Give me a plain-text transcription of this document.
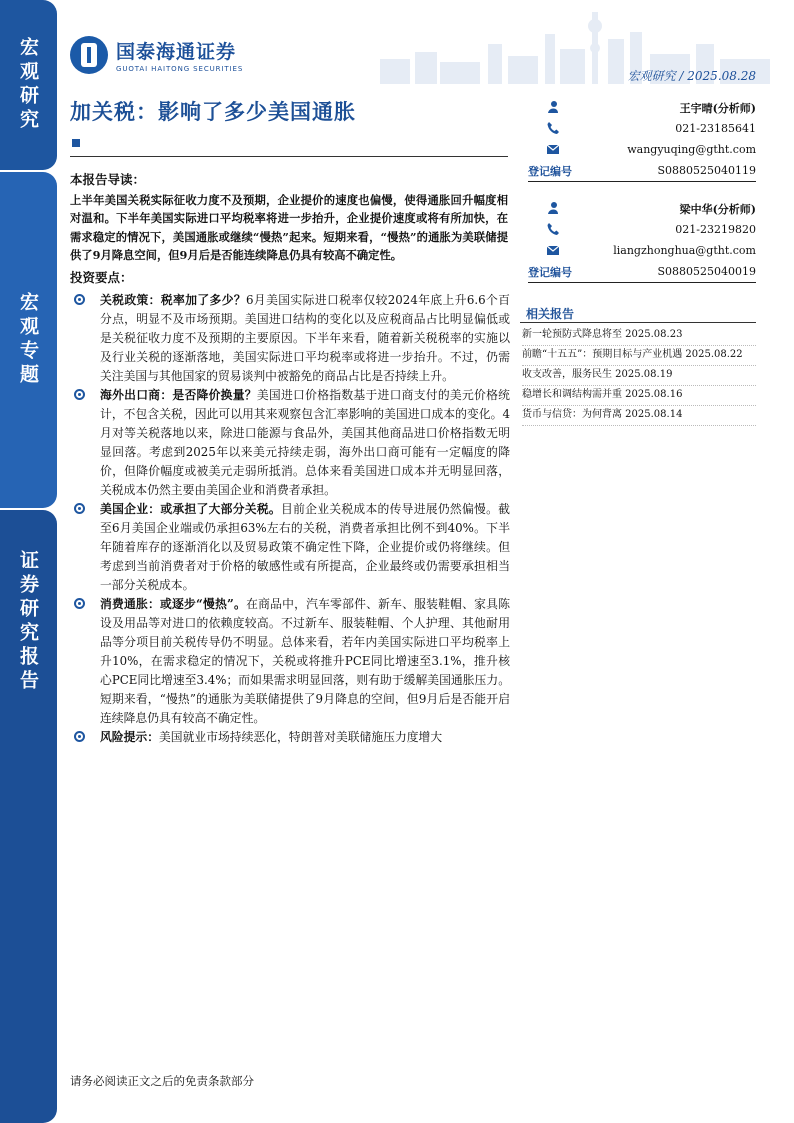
宏观研究
宏观专题
证券研究报告
国泰海通证券
GUOTAI HAITONG SECURITIES	宏观研究 / 2025.08.28
加关税：影响了多少美国通胀
本报告导读：
上半年美国关税实际征收力度不及预期，企业提价的速度也偏慢，使得通胀回升幅度相对温和。下半年美国实际进口平均税率将进一步抬升，企业提价速度或将有所加快，在需求稳定的情况下，美国通胀或继续“慢热”起来。短期来看，“慢热”的通胀为美联储提供了9月降息空间，但9月后是否能连续降息仍具有较高不确定性。
投资要点：
关税政策：税率加了多少？6月美国实际进口税率仅较2024年底上升6.6个百分点，明显不及市场预期。美国进口结构的变化以及应税商品占比明显偏低或是关税征收力度不及预期的主要原因。下半年来看，随着新关税税率的实施以及行业关税的逐渐落地，美国实际进口平均税率或将进一步抬升。不过，仍需关注美国与其他国家的贸易谈判中被豁免的商品占比是否持续上升。
海外出口商：是否降价换量？美国进口价格指数基于进口商支付的美元价格统计，不包含关税，因此可以用其来观察包含汇率影响的美国进口成本的变化。4月对等关税落地以来，除进口能源与食品外，美国其他商品进口价格指数无明显回落。考虑到2025年以来美元持续走弱，海外出口商可能有一定幅度的降价，但降价幅度或被美元走弱所抵消。总体来看美国进口成本并无明显回落，关税成本仍然主要由美国企业和消费者承担。
美国企业：或承担了大部分关税。目前企业关税成本的传导进展仍然偏慢。截至6月美国企业端或仍承担63%左右的关税，消费者承担比例不到40%。下半年随着库存的逐渐消化以及贸易政策不确定性下降，企业提价或仍将继续。但考虑到当前消费者对于价格的敏感性或有所提高，企业最终或仍需要承担相当一部分关税成本。
消费通胀：或逐步“慢热”。在商品中，汽车零部件、新车、服装鞋帽、家具陈设及用品等对进口的依赖度较高。不过新车、服装鞋帽、个人护理、其他耐用品等分项目前关税传导仍不明显。总体来看，若年内美国实际进口平均税率上升10%，在需求稳定的情况下，关税或将推升PCE同比增速至3.1%，推升核心PCE同比增速至3.4%；而如果需求明显回落，则有助于缓解美国通胀压力。短期来看，“慢热”的通胀为美联储提供了9月降息的空间，但9月后是否能开启连续降息仍具有较高不确定性。
风险提示：美国就业市场持续恶化，特朗普对美联储施压力度增大
请务必阅读正文之后的免责条款部分
王宇晴(分析师)
021-23185641
wangyuqing@gtht.com
登记编号	S0880525040119
梁中华(分析师)
021-23219820
liangzhonghua@gtht.com
登记编号	S0880525040019
相关报告
新一轮预防式降息将至 2025.08.23
前瞻“十五五”：预期目标与产业机遇 2025.08.22
收支改善，服务民生 2025.08.19
稳增长和调结构需并重 2025.08.16
货币与信贷：为何背离 2025.08.14
